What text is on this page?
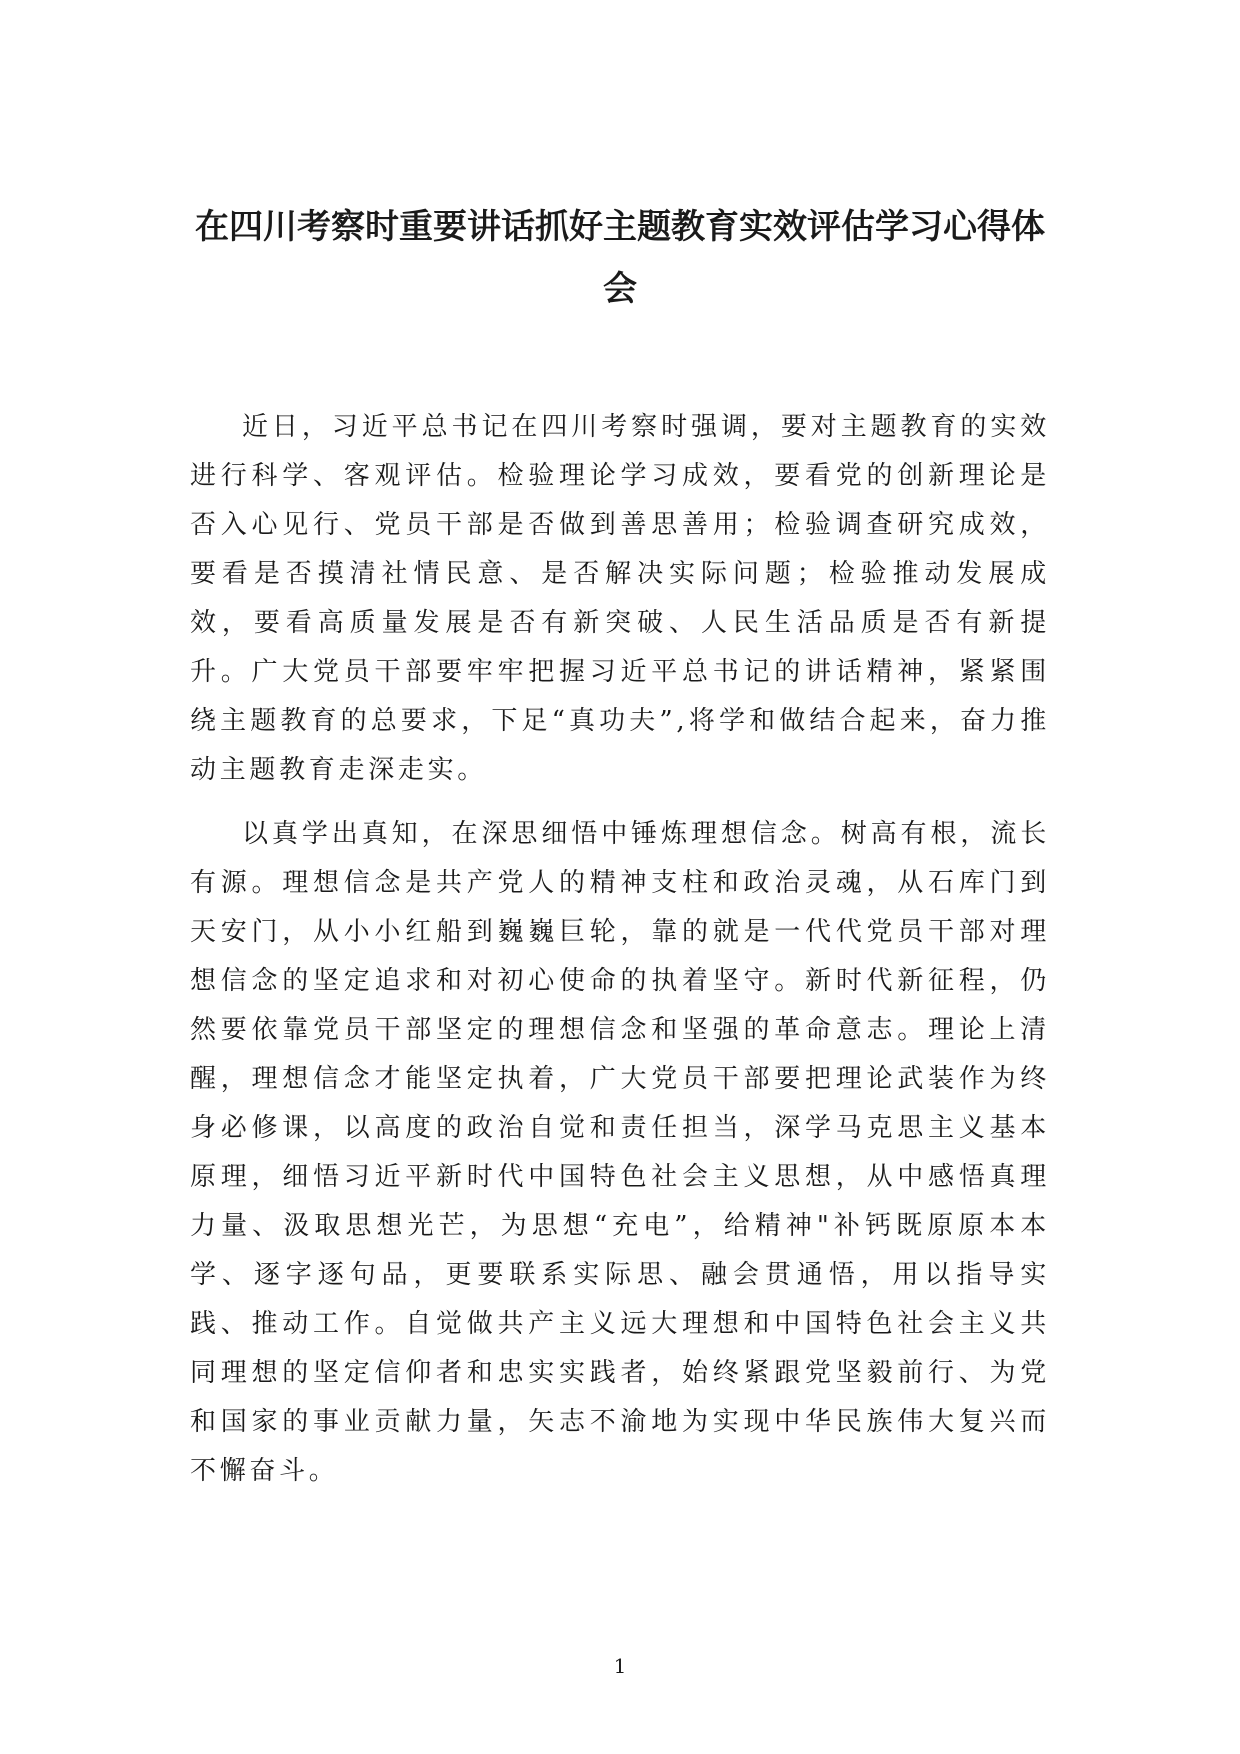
在四川考察时重要讲话抓好主题教育实效评估学习心得体会

近日，习近平总书记在四川考察时强调，要对主题教育的实效进行科学、客观评估。检验理论学习成效，要看党的创新理论是否入心见行、党员干部是否做到善思善用；检验调查研究成效，要看是否摸清社情民意、是否解决实际问题；检验推动发展成效，要看高质量发展是否有新突破、人民生活品质是否有新提升。广大党员干部要牢牢把握习近平总书记的讲话精神，紧紧围绕主题教育的总要求，下足“真功夫”,将学和做结合起来，奋力推动主题教育走深走实。

以真学出真知，在深思细悟中锤炼理想信念。树高有根，流长有源。理想信念是共产党人的精神支柱和政治灵魂，从石库门到天安门，从小小红船到巍巍巨轮，靠的就是一代代党员干部对理想信念的坚定追求和对初心使命的执着坚守。新时代新征程，仍然要依靠党员干部坚定的理想信念和坚强的革命意志。理论上清醒，理想信念才能坚定执着，广大党员干部要把理论武装作为终身必修课，以高度的政治自觉和责任担当，深学马克思主义基本原理，细悟习近平新时代中国特色社会主义思想，从中感悟真理力量、汲取思想光芒，为思想“充电”，给精神"补钙既原原本本学、逐字逐句品，更要联系实际思、融会贯通悟，用以指导实践、推动工作。自觉做共产主义远大理想和中国特色社会主义共同理想的坚定信仰者和忠实实践者，始终紧跟党坚毅前行、为党和国家的事业贡献力量，矢志不渝地为实现中华民族伟大复兴而不懈奋斗。

1
